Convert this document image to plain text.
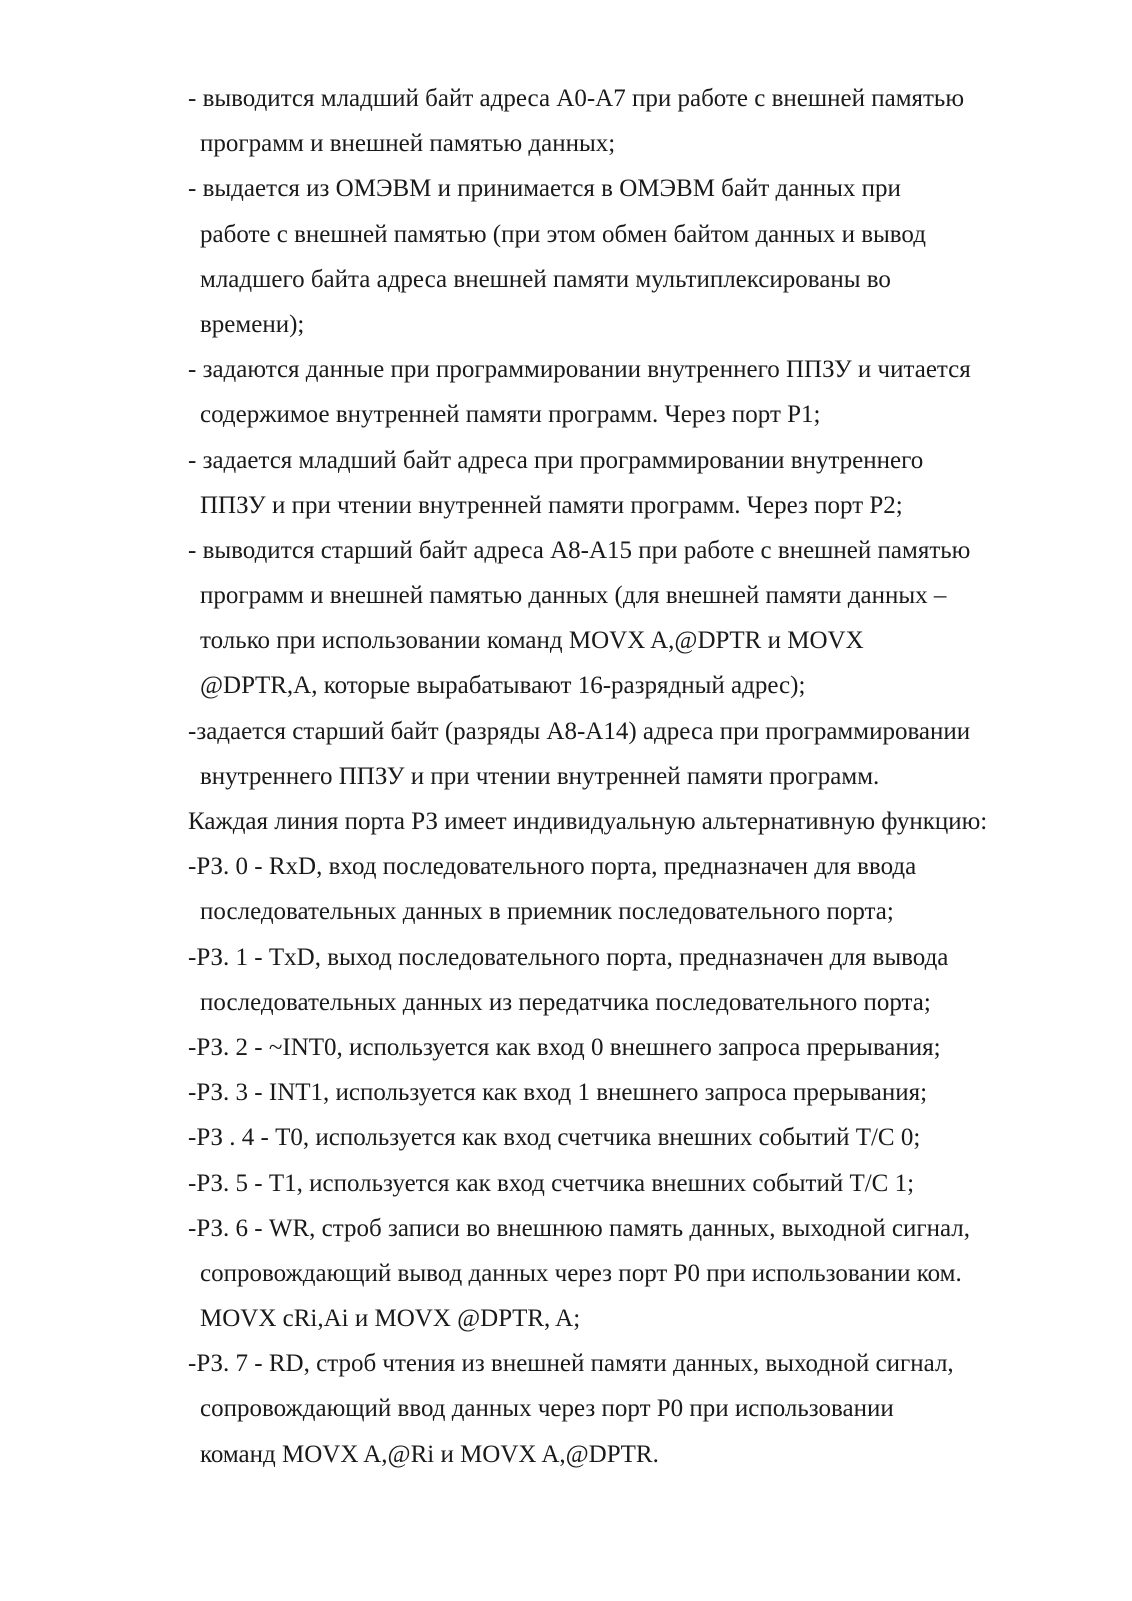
- выводится младший байт адреса А0-А7 при работе с внешней памятью
программ и внешней памятью данных;

- выдается из ОМЭВМ и принимается в ОМЭВМ байт данных при
работе с внешней памятью (при этом обмен байтом данных и вывод
младшего байта адреса внешней памяти мультиплексированы во
времени);

- задаются данные при программировании внутреннего ППЗУ и читается
содержимое внутренней памяти программ. Через порт Р1;

- задается младший байт адреса при программировании внутреннего
ППЗУ и при чтении внутренней памяти программ. Через порт Р2;

- выводится старший байт адреса А8-А15 при работе с внешней памятью
программ и внешней памятью данных (для внешней памяти данных –
только при использовании команд MOVX A,@DPTR и MOVX
@DPTR,A, которые вырабатывают 16-разрядный адрес);

-задается старший байт (разряды А8-А14) адреса при программировании
внутреннего ППЗУ и при чтении внутренней памяти программ.

Каждая линия порта РЗ имеет индивидуальную альтернативную функцию:

-РЗ. 0 - RxD, вход последовательного порта, предназначен для ввода
последовательных данных в приемник последовательного порта;

-РЗ. 1 - TxD, выход последовательного порта, предназначен для вывода
последовательных данных из передатчика последовательного порта;

-РЗ. 2 - ~INT0, используется как вход 0 внешнего запроса прерывания;

-РЗ. 3 - INT1, используется как вход 1 внешнего запроса прерывания;

-РЗ . 4 - T0, используется как вход счетчика внешних событий Т/С 0;

-РЗ. 5 - T1, используется как вход счетчика внешних событий Т/С 1;

-РЗ. 6 - WR, строб записи во внешнюю память данных, выходной сигнал,
сопровождающий вывод данных через порт Р0 при использовании ком.
MOVX cRi,Ai и MOVX @DPTR, A;

-РЗ. 7 - RD, строб чтения из внешней памяти данных, выходной сигнал,
сопровождающий ввод данных через порт Р0 при использовании
команд MOVX A,@Ri и MOVX A,@DPTR.
